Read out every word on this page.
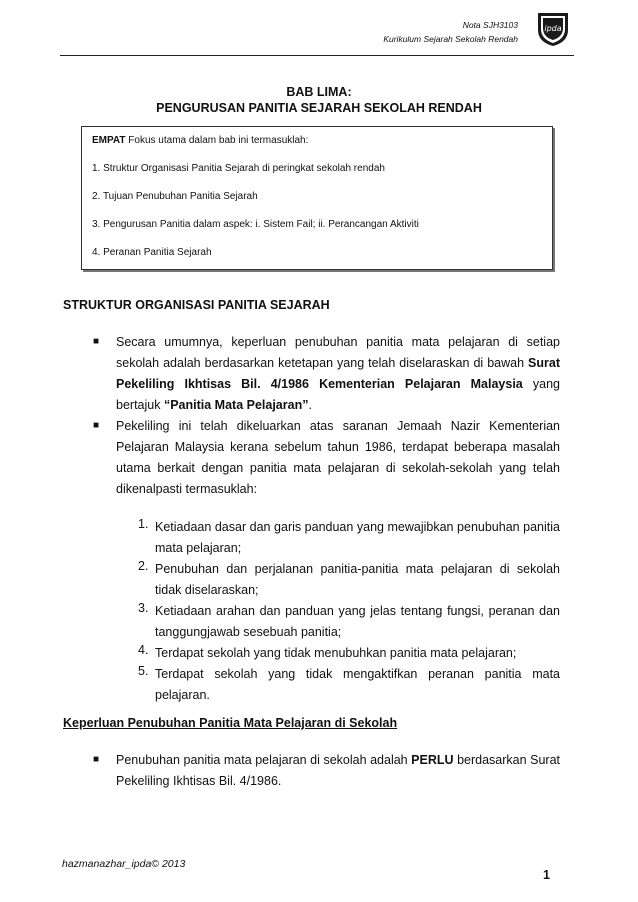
Nota SJH3103
Kurikulum Sejarah Sekolah Rendah
ipda
BAB LIMA:
PENGURUSAN PANITIA SEJARAH SEKOLAH RENDAH
EMPAT Fokus utama dalam bab ini termasuklah:
1. Struktur Organisasi Panitia Sejarah di peringkat sekolah rendah
2. Tujuan Penubuhan Panitia Sejarah
3. Pengurusan Panitia dalam aspek: i. Sistem Fail; ii. Perancangan Aktiviti
4. Peranan Panitia Sejarah
STRUKTUR ORGANISASI PANITIA SEJARAH
■ Secara umumnya, keperluan penubuhan panitia mata pelajaran di setiap sekolah adalah berdasarkan ketetapan yang telah diselaraskan di bawah Surat Pekeliling Ikhtisas Bil. 4/1986 Kementerian Pelajaran Malaysia yang bertajuk “Panitia Mata Pelajaran”.
■ Pekeliling ini telah dikeluarkan atas saranan Jemaah Nazir Kementerian Pelajaran Malaysia kerana sebelum tahun 1986, terdapat beberapa masalah utama berkait dengan panitia mata pelajaran di sekolah-sekolah yang telah dikenalpasti termasuklah:
1. Ketiadaan dasar dan garis panduan yang mewajibkan penubuhan panitia mata pelajaran;
2. Penubuhan dan perjalanan panitia-panitia mata pelajaran di sekolah tidak diselaraskan;
3. Ketiadaan arahan dan panduan yang jelas tentang fungsi, peranan dan tanggungjawab sesebuah panitia;
4. Terdapat sekolah yang tidak menubuhkan panitia mata pelajaran;
5. Terdapat sekolah yang tidak mengaktifkan peranan panitia mata pelajaran.
Keperluan Penubuhan Panitia Mata Pelajaran di Sekolah
■ Penubuhan panitia mata pelajaran di sekolah adalah PERLU berdasarkan Surat Pekeliling Ikhtisas Bil. 4/1986.
hazmanazhar_ipda© 2013
1
